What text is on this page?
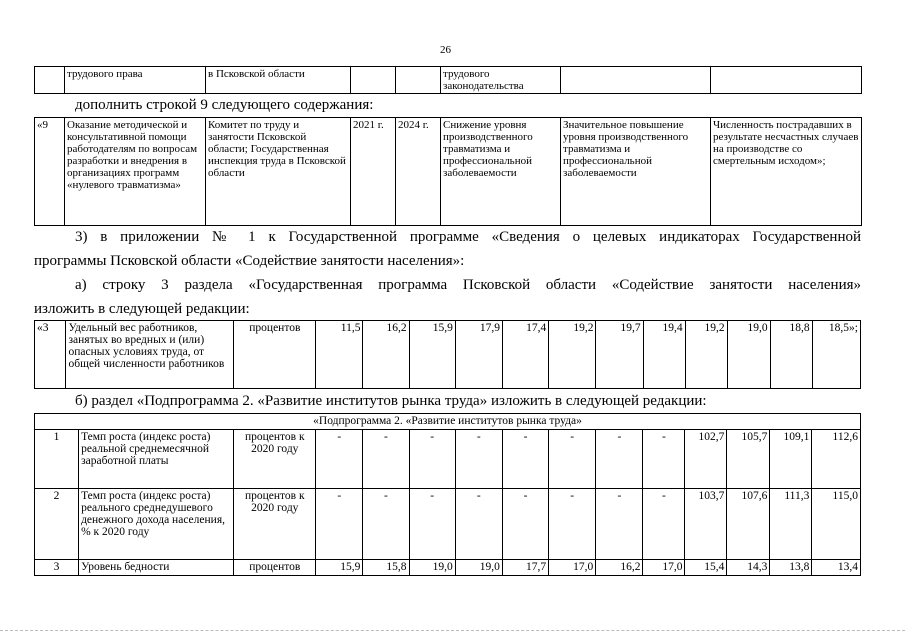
26
	трудового права	в Псковской области			трудового законодательства		
дополнить строкой 9 следующего содержания:
«9	Оказание методической и консультативной помощи работодателям по вопросам разработки и внедрения в организациях программ «нулевого травматизма»	Комитет по труду и занятости Псковской области; Государственная инспекция труда в Псковской области	2021 г.	2024 г.	Снижение уровня производственного травматизма и профессиональной заболеваемости	Значительное повышение уровня производственного травматизма и профессиональной заболеваемости	Численность пострадавших в результате несчастных случаев на производстве со смертельным исходом»;
3) в приложении № 1 к Государственной программе «Сведения о целевых индикаторах Государственной
программы Псковской области «Содействие занятости населения»:
а) строку 3 раздела «Государственная программа Псковской области «Содействие занятости населения»
изложить в следующей редакции:
«3	Удельный вес работников, занятых во вредных и (или) опасных условиях труда, от общей численности работников	процентов	11,5	16,2	15,9	17,9	17,4	19,2	19,7	19,4	19,2	19,0	18,8	18,5»;
б) раздел «Подпрограмма 2. «Развитие институтов рынка труда» изложить в следующей редакции:
«Подпрограмма 2. «Развитие институтов рынка труда»														
1	Темп роста (индекс роста) реальной среднемесячной заработной платы	процентов к 2020 году	-	-	-	-	-	-	-	-	102,7	105,7	109,1	112,6
2	Темп роста (индекс роста) реального среднедушевого денежного дохода населения, % к 2020 году	процентов к 2020 году	-	-	-	-	-	-	-	-	103,7	107,6	111,3	115,0
3	Уровень бедности	процентов	15,9	15,8	19,0	19,0	17,7	17,0	16,2	17,0	15,4	14,3	13,8	13,4
